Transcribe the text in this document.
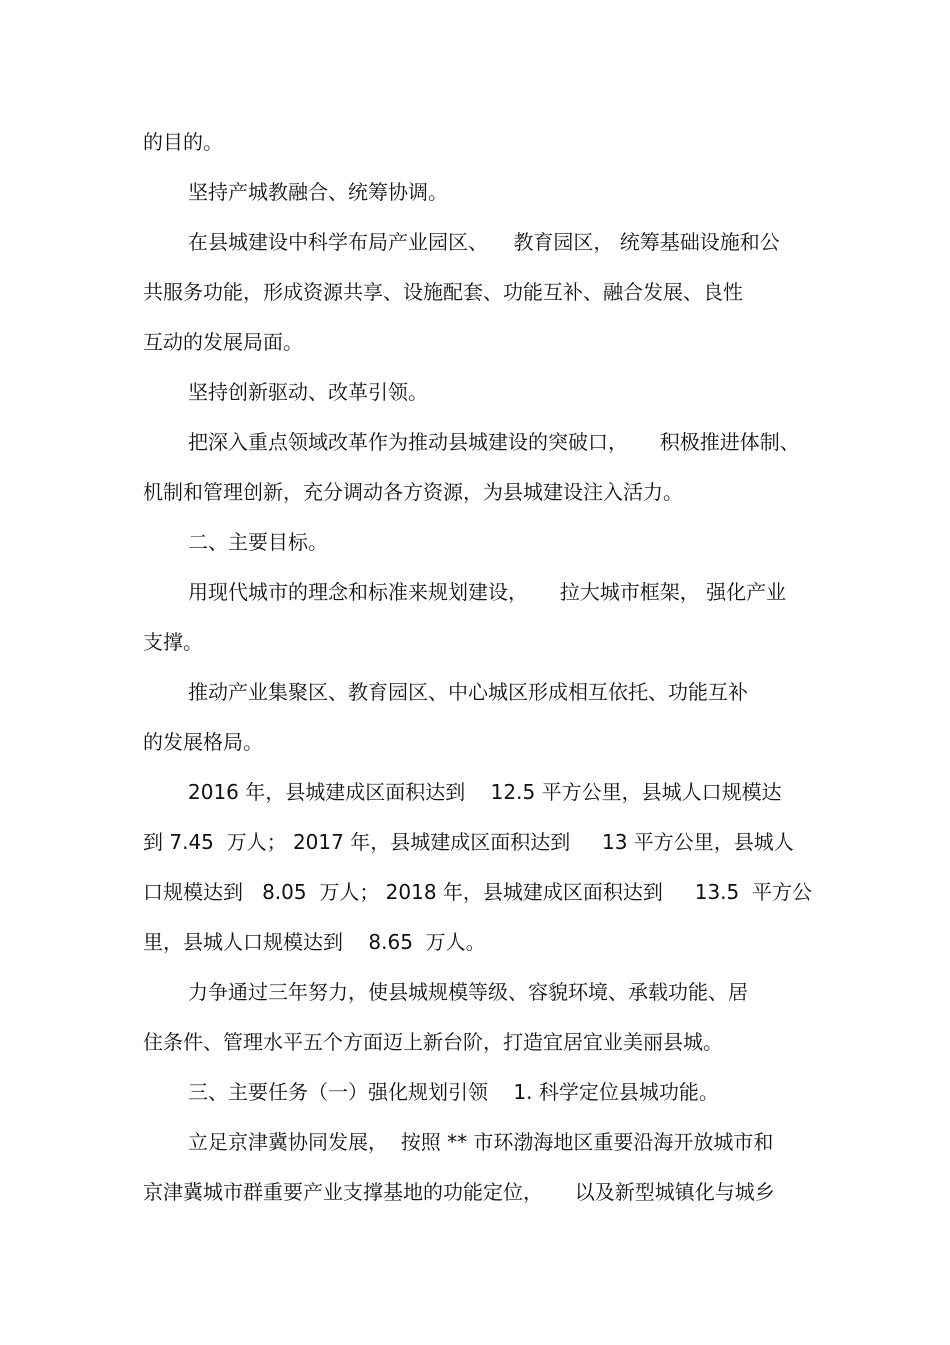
的目的。
坚持产城教融合、统筹协调。
在县城建设中科学布局产业园区、    教育园区， 统筹基础设施和公
共服务功能，形成资源共享、设施配套、功能互补、融合发展、良性
互动的发展局面。
坚持创新驱动、改革引领。
把深入重点领域改革作为推动县城建设的突破口，     积极推进体制、
机制和管理创新，充分调动各方资源，为县城建设注入活力。
二、主要目标。
用现代城市的理念和标准来规划建设，     拉大城市框架， 强化产业
支撑。
推动产业集聚区、教育园区、中心城区形成相互依托、功能互补
的发展格局。
2016 年，县城建成区面积达到    12.5 平方公里，县城人口规模达
到 7.45  万人； 2017 年，县城建成区面积达到     13 平方公里，县城人
口规模达到   8.05  万人； 2018 年，县城建成区面积达到     13.5  平方公
里，县城人口规模达到    8.65  万人。
力争通过三年努力，使县城规模等级、容貌环境、承载功能、居
住条件、管理水平五个方面迈上新台阶，打造宜居宜业美丽县城。
三、主要任务（一）强化规划引领    1. 科学定位县城功能。
立足京津冀协同发展，  按照 ** 市环渤海地区重要沿海开放城市和
京津冀城市群重要产业支撑基地的功能定位，     以及新型城镇化与城乡
